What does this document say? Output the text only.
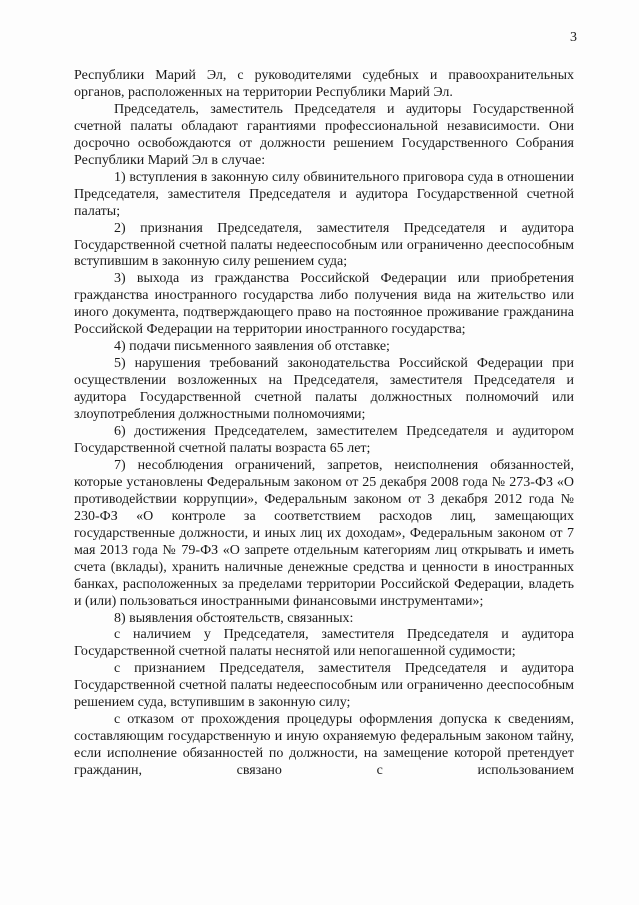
3

Республики Марий Эл, с руководителями судебных и правоохранительных органов, расположенных на территории Республики Марий Эл.

Председатель, заместитель Председателя и аудиторы Государственной счетной палаты обладают гарантиями профессиональной независимости. Они досрочно освобождаются от должности решением Государственного Собрания Республики Марий Эл в случае:

1) вступления в законную силу обвинительного приговора суда в отношении Председателя, заместителя Председателя и аудитора Государственной счетной палаты;

2) признания Председателя, заместителя Председателя и аудитора Государственной счетной палаты недееспособным или ограниченно дееспособным вступившим в законную силу решением суда;

3) выхода из гражданства Российской Федерации или приобретения гражданства иностранного государства либо получения вида на жительство или иного документа, подтверждающего право на постоянное проживание гражданина Российской Федерации на территории иностранного государства;

4) подачи письменного заявления об отставке;

5) нарушения требований законодательства Российской Федерации при осуществлении возложенных на Председателя, заместителя Председателя и аудитора Государственной счетной палаты должностных полномочий или злоупотребления должностными полномочиями;

6) достижения Председателем, заместителем Председателя и аудитором Государственной счетной палаты возраста 65 лет;

7) несоблюдения ограничений, запретов, неисполнения обязанностей, которые установлены Федеральным законом от 25 декабря 2008 года № 273-ФЗ «О противодействии коррупции», Федеральным законом от 3 декабря 2012 года № 230-ФЗ «О контроле за соответствием расходов лиц, замещающих государственные должности, и иных лиц их доходам», Федеральным законом от 7 мая 2013 года № 79-ФЗ «О запрете отдельным категориям лиц открывать и иметь счета (вклады), хранить наличные денежные средства и ценности в иностранных банках, расположенных за пределами территории Российской Федерации, владеть и (или) пользоваться иностранными финансовыми инструментами»;

8) выявления обстоятельств, связанных:

с наличием у Председателя, заместителя Председателя и аудитора Государственной счетной палаты неснятой или непогашенной судимости;

с признанием Председателя, заместителя Председателя и аудитора Государственной счетной палаты недееспособным или ограниченно дееспособным решением суда, вступившим в законную силу;

с отказом от прохождения процедуры оформления допуска к сведениям, составляющим государственную и иную охраняемую федеральным законом тайну, если исполнение обязанностей по должности, на замещение которой претендует гражданин, связано с использованием
